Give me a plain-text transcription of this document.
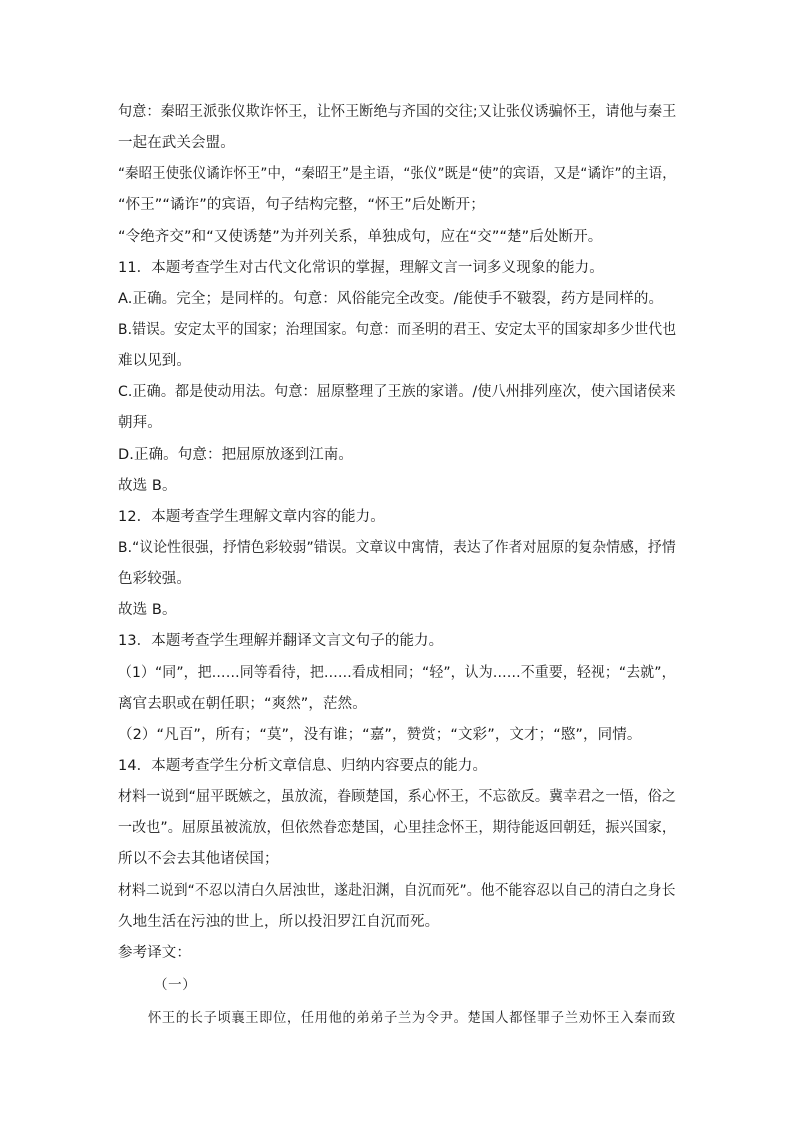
句意：秦昭王派张仪欺诈怀王，让怀王断绝与齐国的交往;又让张仪诱骗怀王，请他与秦王
一起在武关会盟。
“秦昭王使张仪谲诈怀王”中，“秦昭王”是主语，“张仪”既是“使”的宾语，又是“谲诈”的主语，
“怀王”“谲诈”的宾语，句子结构完整，“怀王”后处断开；
“令绝齐交”和“又使诱楚”为并列关系，单独成句，应在“交”“楚”后处断开。
11．本题考查学生对古代文化常识的掌握，理解文言一词多义现象的能力。
A.正确。完全；是同样的。句意：风俗能完全改变。/能使手不皲裂，药方是同样的。
B.错误。安定太平的国家；治理国家。句意：而圣明的君王、安定太平的国家却多少世代也
难以见到。
C.正确。都是使动用法。句意：屈原整理了王族的家谱。/使八州排列座次，使六国诸侯来
朝拜。
D.正确。句意：把屈原放逐到江南。
故选 B。
12．本题考查学生理解文章内容的能力。
B.“议论性很强，抒情色彩较弱”错误。文章议中寓情，表达了作者对屈原的复杂情感，抒情
色彩较强。
故选 B。
13．本题考查学生理解并翻译文言文句子的能力。
（1）“同”，把……同等看待，把……看成相同；“轻”，认为……不重要，轻视；“去就”，
离官去职或在朝任职；“爽然”，茫然。
（2）“凡百”，所有；“莫”，没有谁；“嘉”，赞赏；“文彩”，文才；“愍”，同情。
14．本题考查学生分析文章信息、归纳内容要点的能力。
材料一说到“屈平既嫉之，虽放流，眷顾楚国，系心怀王，不忘欲反。冀幸君之一悟，俗之
一改也”。屈原虽被流放，但依然眷恋楚国，心里挂念怀王，期待能返回朝廷，振兴国家，
所以不会去其他诸侯国；
材料二说到“不忍以清白久居浊世，遂赴汨渊，自沉而死”。他不能容忍以自己的清白之身长
久地生活在污浊的世上，所以投汨罗江自沉而死。
参考译文：
（一）
怀王的长子顷襄王即位，任用他的弟弟子兰为令尹。楚国人都怪罪子兰劝怀王入秦而致
